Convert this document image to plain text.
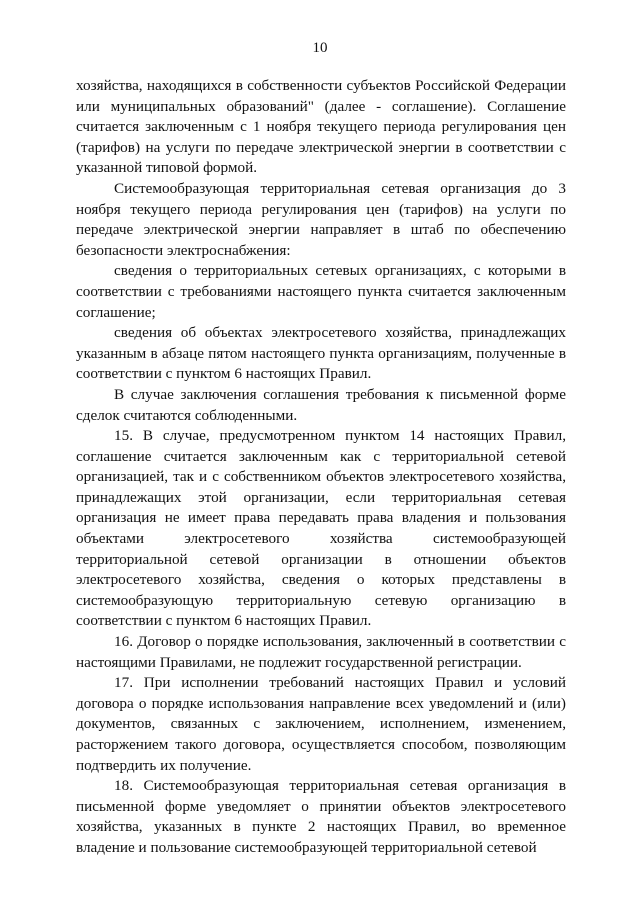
10

хозяйства, находящихся в собственности субъектов Российской Федерации или муниципальных образований" (далее - соглашение). Соглашение считается заключенным с 1 ноября текущего периода регулирования цен (тарифов) на услуги по передаче электрической энергии в соответствии с указанной типовой формой.

Системообразующая территориальная сетевая организация до 3 ноября текущего периода регулирования цен (тарифов) на услуги по передаче электрической энергии направляет в штаб по обеспечению безопасности электроснабжения:

сведения о территориальных сетевых организациях, с которыми в соответствии с требованиями настоящего пункта считается заключенным соглашение;

сведения об объектах электросетевого хозяйства, принадлежащих указанным в абзаце пятом настоящего пункта организациям, полученные в соответствии с пунктом 6 настоящих Правил.

В случае заключения соглашения требования к письменной форме сделок считаются соблюденными.

15. В случае, предусмотренном пунктом 14 настоящих Правил, соглашение считается заключенным как с территориальной сетевой организацией, так и с собственником объектов электросетевого хозяйства, принадлежащих этой организации, если территориальная сетевая организация не имеет права передавать права владения и пользования объектами электросетевого хозяйства системообразующей территориальной сетевой организации в отношении объектов электросетевого хозяйства, сведения о которых представлены в системообразующую территориальную сетевую организацию в соответствии с пунктом 6 настоящих Правил.

16. Договор о порядке использования, заключенный в соответствии с настоящими Правилами, не подлежит государственной регистрации.

17. При исполнении требований настоящих Правил и условий договора о порядке использования направление всех уведомлений и (или) документов, связанных с заключением, исполнением, изменением, расторжением такого договора, осуществляется способом, позволяющим подтвердить их получение.

18. Системообразующая территориальная сетевая организация в письменной форме уведомляет о принятии объектов электросетевого хозяйства, указанных в пункте 2 настоящих Правил, во временное владение и пользование системообразующей территориальной сетевой
